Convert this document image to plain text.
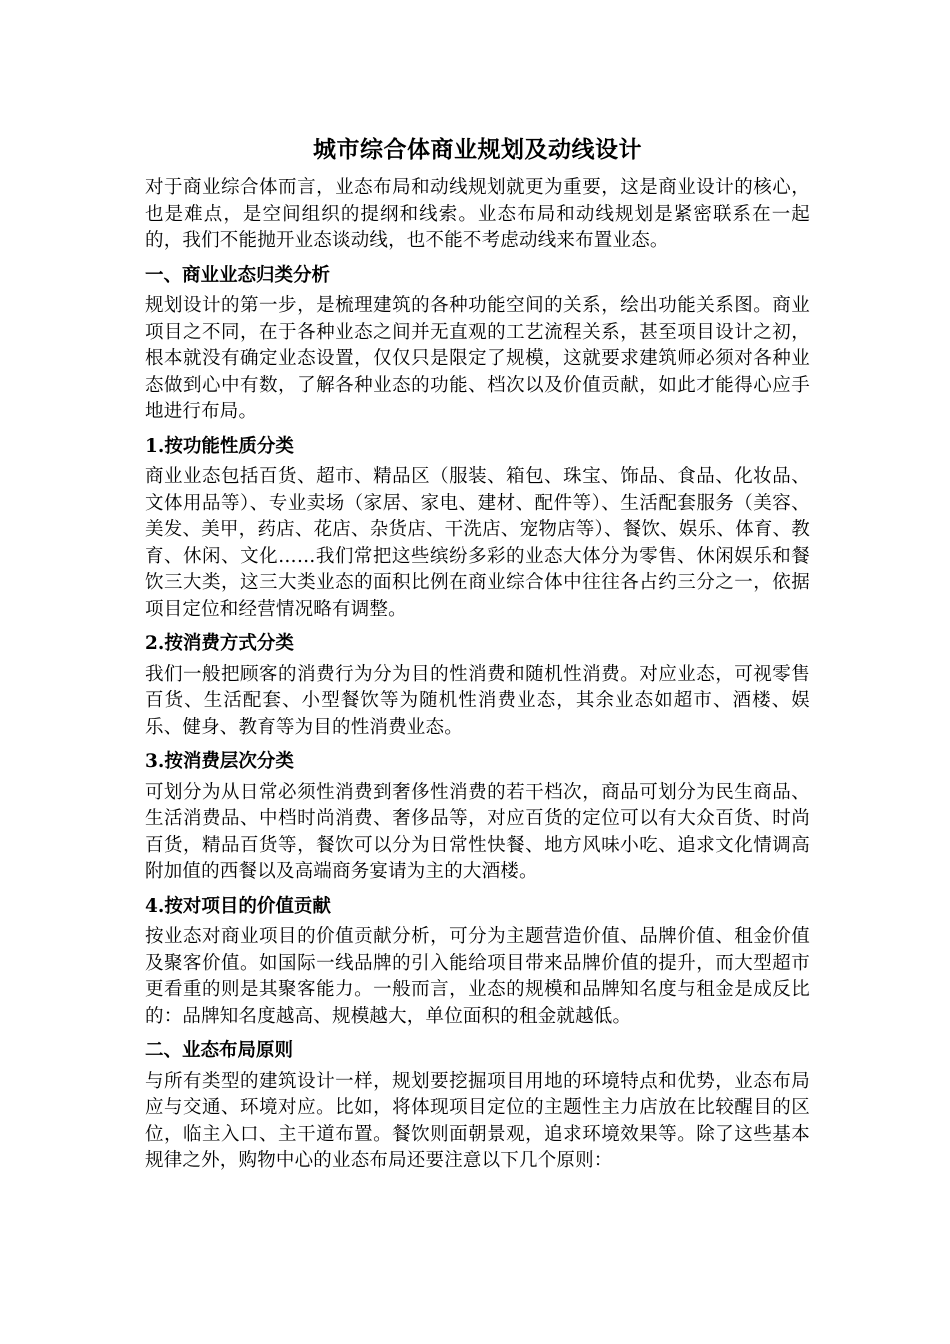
城市综合体商业规划及动线设计

对于商业综合体而言，业态布局和动线规划就更为重要，这是商业设计的核心，也是难点，是空间组织的提纲和线索。业态布局和动线规划是紧密联系在一起的，我们不能抛开业态谈动线，也不能不考虑动线来布置业态。

一、商业业态归类分析

规划设计的第一步，是梳理建筑的各种功能空间的关系，绘出功能关系图。商业项目之不同，在于各种业态之间并无直观的工艺流程关系，甚至项目设计之初，根本就没有确定业态设置，仅仅只是限定了规模，这就要求建筑师必须对各种业态做到心中有数，了解各种业态的功能、档次以及价值贡献，如此才能得心应手地进行布局。

1.按功能性质分类

商业业态包括百货、超市、精品区（服装、箱包、珠宝、饰品、食品、化妆品、文体用品等）、专业卖场（家居、家电、建材、配件等）、生活配套服务（美容、美发、美甲，药店、花店、杂货店、干洗店、宠物店等）、餐饮、娱乐、体育、教育、休闲、文化……我们常把这些缤纷多彩的业态大体分为零售、休闲娱乐和餐饮三大类，这三大类业态的面积比例在商业综合体中往往各占约三分之一，依据项目定位和经营情况略有调整。

2.按消费方式分类

我们一般把顾客的消费行为分为目的性消费和随机性消费。对应业态，可视零售百货、生活配套、小型餐饮等为随机性消费业态，其余业态如超市、酒楼、娱乐、健身、教育等为目的性消费业态。

3.按消费层次分类

可划分为从日常必须性消费到奢侈性消费的若干档次，商品可划分为民生商品、生活消费品、中档时尚消费、奢侈品等，对应百货的定位可以有大众百货、时尚百货，精品百货等，餐饮可以分为日常性快餐、地方风味小吃、追求文化情调高附加值的西餐以及高端商务宴请为主的大酒楼。

4.按对项目的价值贡献

按业态对商业项目的价值贡献分析，可分为主题营造价值、品牌价值、租金价值及聚客价值。如国际一线品牌的引入能给项目带来品牌价值的提升，而大型超市更看重的则是其聚客能力。一般而言，业态的规模和品牌知名度与租金是成反比的：品牌知名度越高、规模越大，单位面积的租金就越低。

二、业态布局原则

与所有类型的建筑设计一样，规划要挖掘项目用地的环境特点和优势，业态布局应与交通、环境对应。比如，将体现项目定位的主题性主力店放在比较醒目的区位，临主入口、主干道布置。餐饮则面朝景观，追求环境效果等。除了这些基本规律之外，购物中心的业态布局还要注意以下几个原则：
